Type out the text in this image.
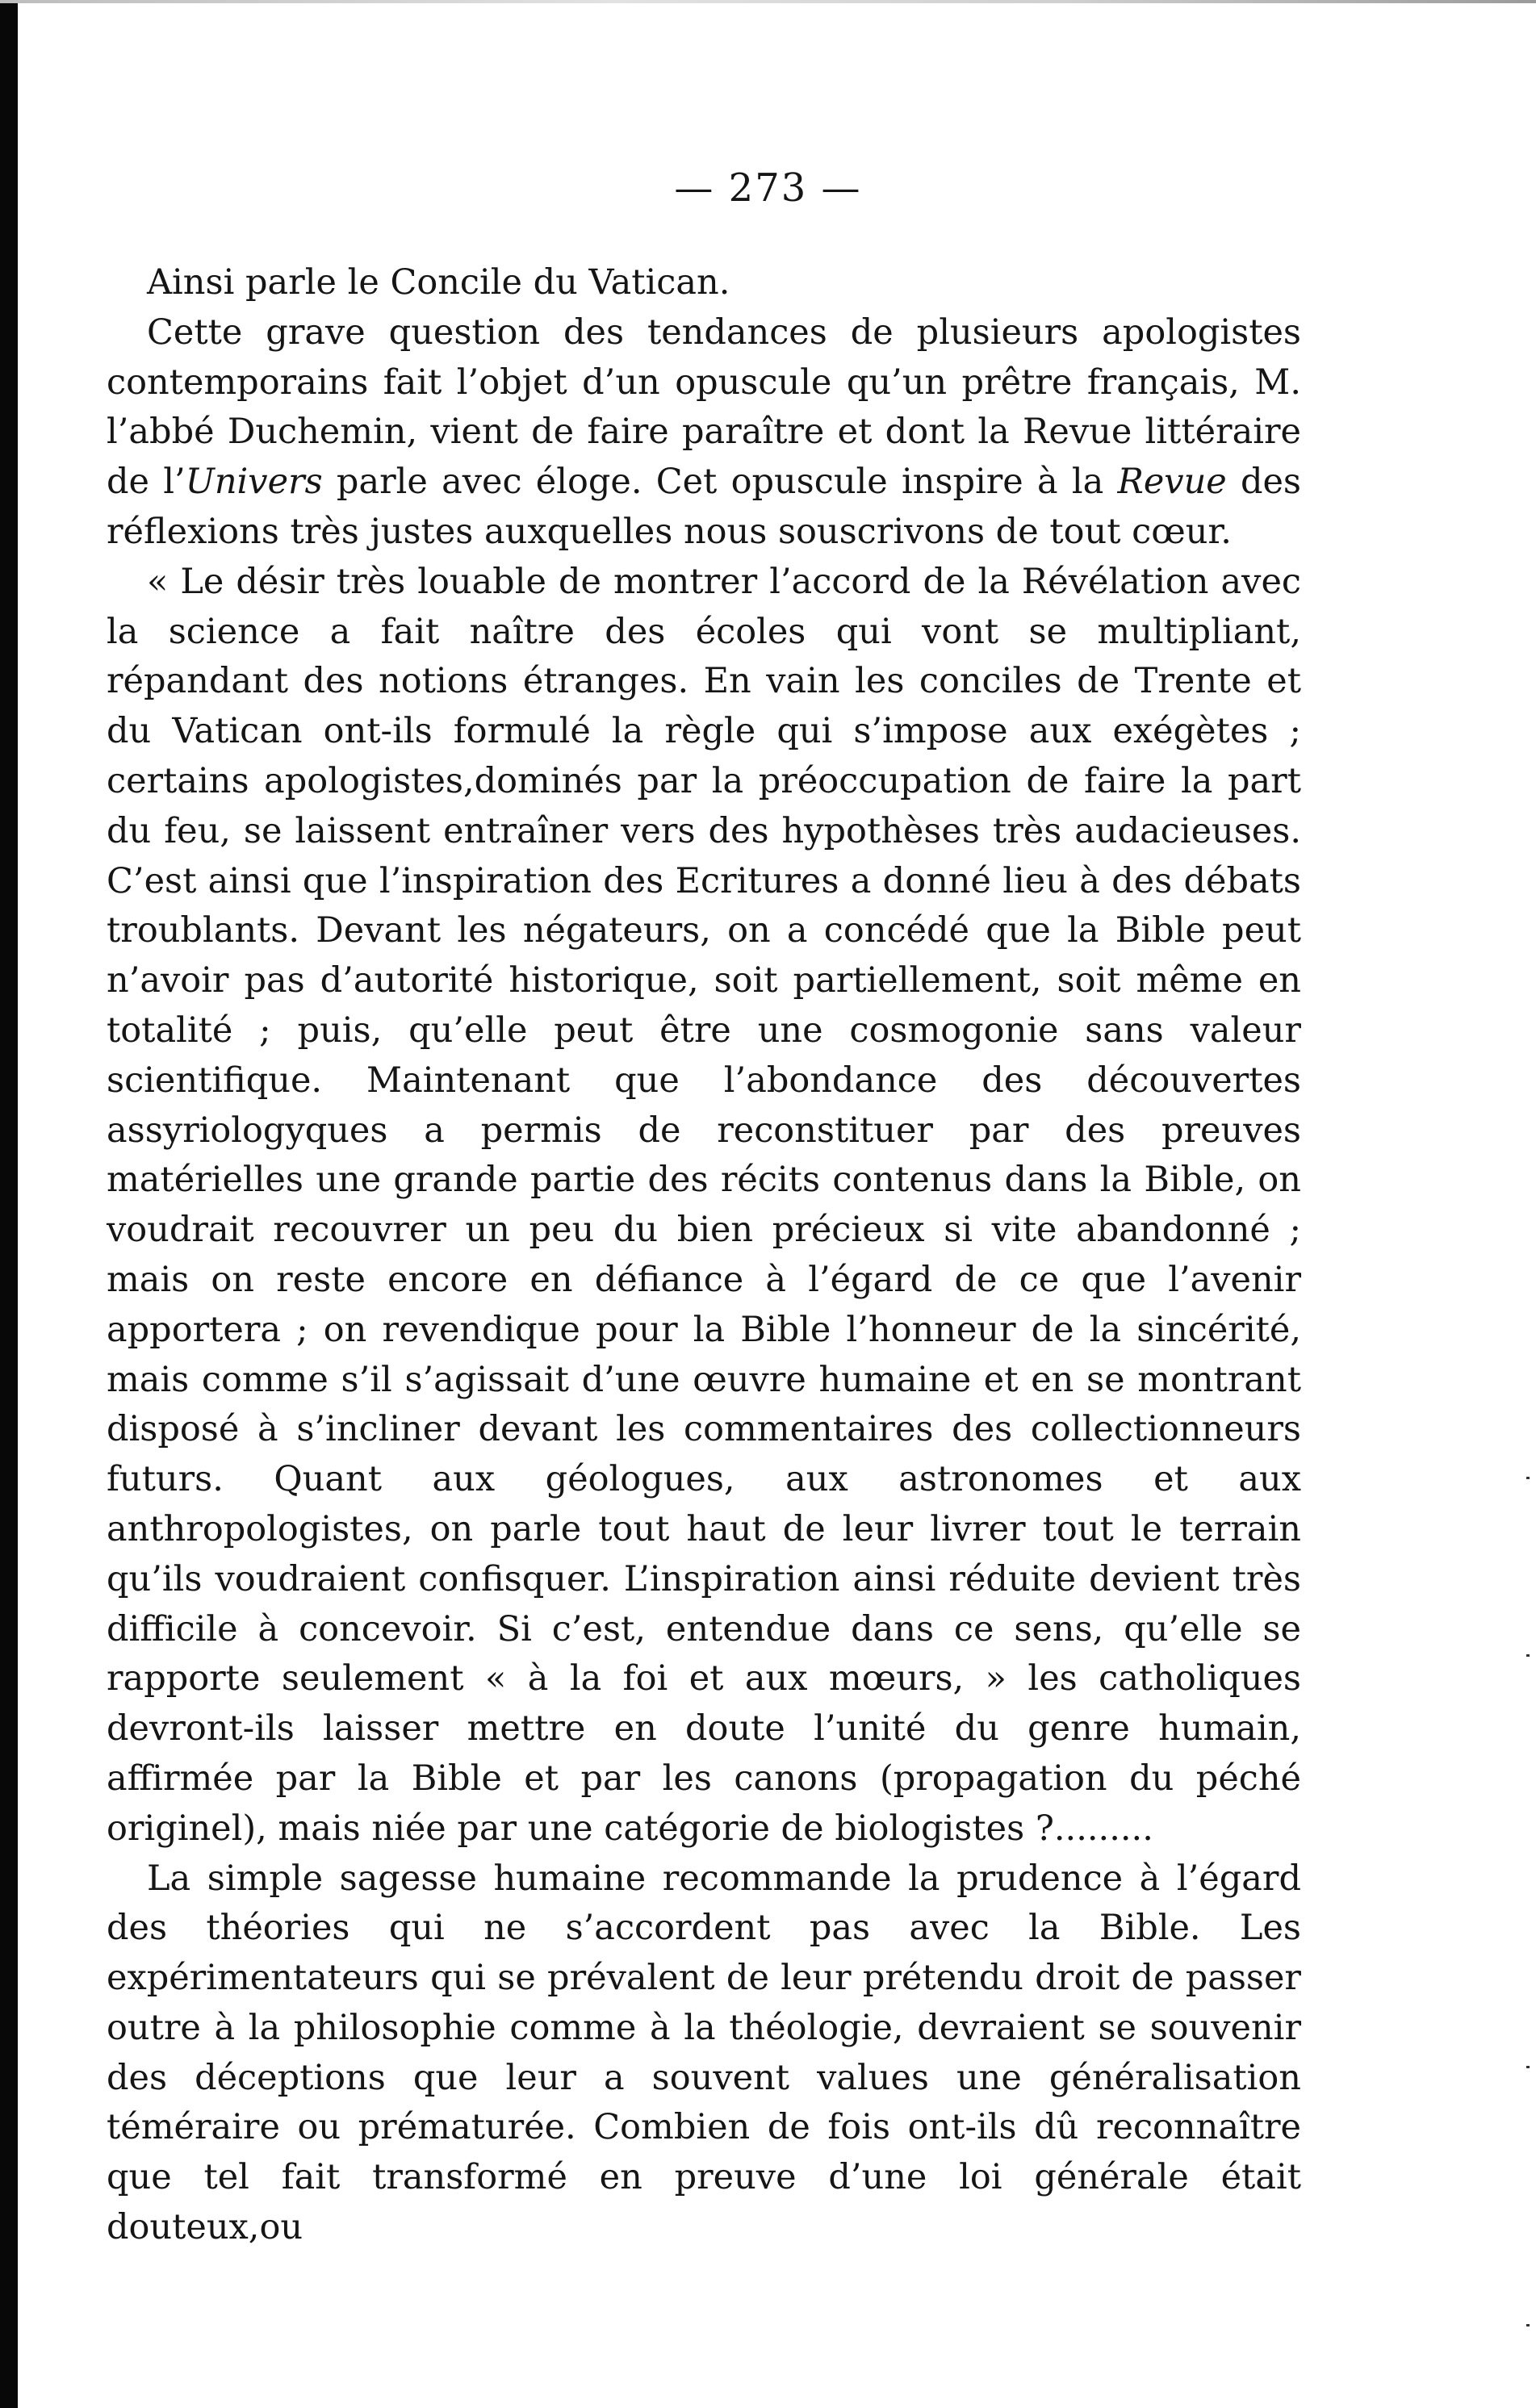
— 273 —

Ainsi parle le Concile du Vatican.

Cette grave question des tendances de plusieurs apologistes contemporains fait l’objet d’un opuscule qu’un prêtre français, M. l’abbé Duchemin, vient de faire paraître et dont la Revue littéraire de l’Univers parle avec éloge. Cet opuscule inspire à la Revue des réflexions très justes auxquelles nous souscrivons de tout cœur.

« Le désir très louable de montrer l’accord de la Révélation avec la science a fait naître des écoles qui vont se multipliant, répandant des notions étranges. En vain les conciles de Trente et du Vatican ont-ils formulé la règle qui s’impose aux exégètes ; certains apologistes,dominés par la préoccupation de faire la part du feu, se laissent entraîner vers des hypothèses très audacieuses. C’est ainsi que l’inspiration des Ecritures a donné lieu à des débats troublants. Devant les négateurs, on a concédé que la Bible peut n’avoir pas d’autorité historique, soit partiellement, soit même en totalité ; puis, qu’elle peut être une cosmogonie sans valeur scientifique. Maintenant que l’abondance des découvertes assyriologyques a permis de reconstituer par des preuves matérielles une grande partie des récits contenus dans la Bible, on voudrait recouvrer un peu du bien précieux si vite abandonné ; mais on reste encore en défiance à l’égard de ce que l’avenir apportera ; on revendique pour la Bible l’honneur de la sincérité, mais comme s’il s’agissait d’une œuvre humaine et en se montrant disposé à s’incliner devant les commentaires des collectionneurs futurs. Quant aux géologues, aux astronomes et aux anthropologistes, on parle tout haut de leur livrer tout le terrain qu’ils voudraient confisquer. L’inspiration ainsi réduite devient très difficile à concevoir. Si c’est, entendue dans ce sens, qu’elle se rapporte seulement « à la foi et aux mœurs, » les catholiques devront-ils laisser mettre en doute l’unité du genre humain, affirmée par la Bible et par les canons (propagation du péché originel), mais niée par une catégorie de biologistes ?.........

La simple sagesse humaine recommande la prudence à l’égard des théories qui ne s’accordent pas avec la Bible. Les expérimentateurs qui se prévalent de leur prétendu droit de passer outre à la philosophie comme à la théologie, devraient se souvenir des déceptions que leur a souvent values une généralisation téméraire ou prématurée. Combien de fois ont-ils dû reconnaître que tel fait transformé en preuve d’une loi générale était douteux,ou
